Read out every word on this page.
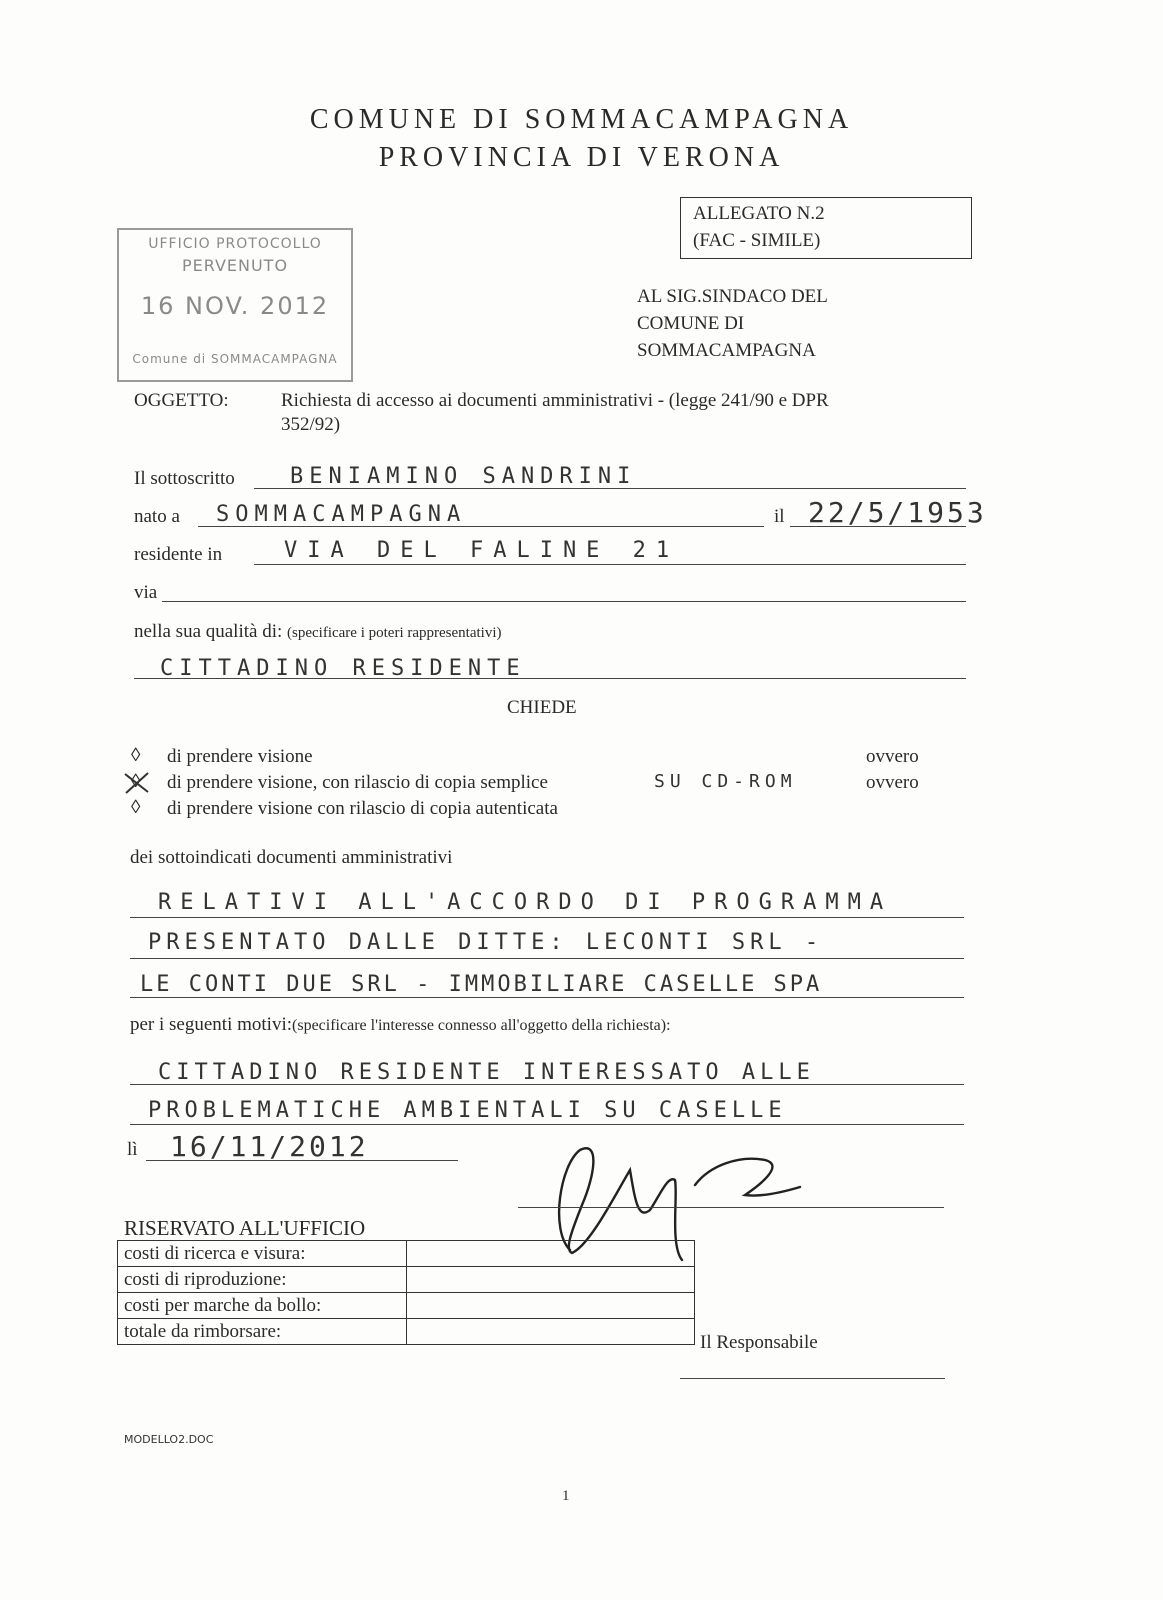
COMUNE DI SOMMACAMPAGNA
PROVINCIA DI VERONA
ALLEGATO N.2
(FAC - SIMILE)
UFFICIO PROTOCOLLO
PERVENUTO
16 NOV. 2012
Comune di SOMMACAMPAGNA
AL SIG.SINDACO DEL
COMUNE DI
SOMMACAMPAGNA
OGGETTO:	Richiesta di accesso ai documenti amministrativi - (legge 241/90 e DPR
352/92)
Il sottoscritto	BENIAMINO SANDRINI
nato a SOMMACAMPAGNA	il 22/5/1953
residente in	VIA DEL FALINE 21
via
nella sua qualità di: (specificare i poteri rappresentativi)
CITTADINO RESIDENTE
CHIEDE
◊ di prendere visione	ovvero
◊ di prendere visione, con rilascio di copia semplice	SU CD-ROM	ovvero
◊ di prendere visione con rilascio di copia autenticata
dei sottoindicati documenti amministrativi
RELATIVI ALL'ACCORDO DI PROGRAMMA
PRESENTATO DALLE DITTE: LECONTI SRL -
LE CONTI DUE SRL - IMMOBILIARE CASELLE SPA
per i seguenti motivi:(specificare l'interesse connesso all'oggetto della richiesta):
CITTADINO RESIDENTE INTERESSATO ALLE
PROBLEMATICHE AMBIENTALI SU CASELLE
lì 16/11/2012
RISERVATO ALL'UFFICIO
costi di ricerca e visura:	
costi di riproduzione:	
costi per marche da bollo:	
totale da rimborsare:	
Il Responsabile
MODELLO2.DOC
1
